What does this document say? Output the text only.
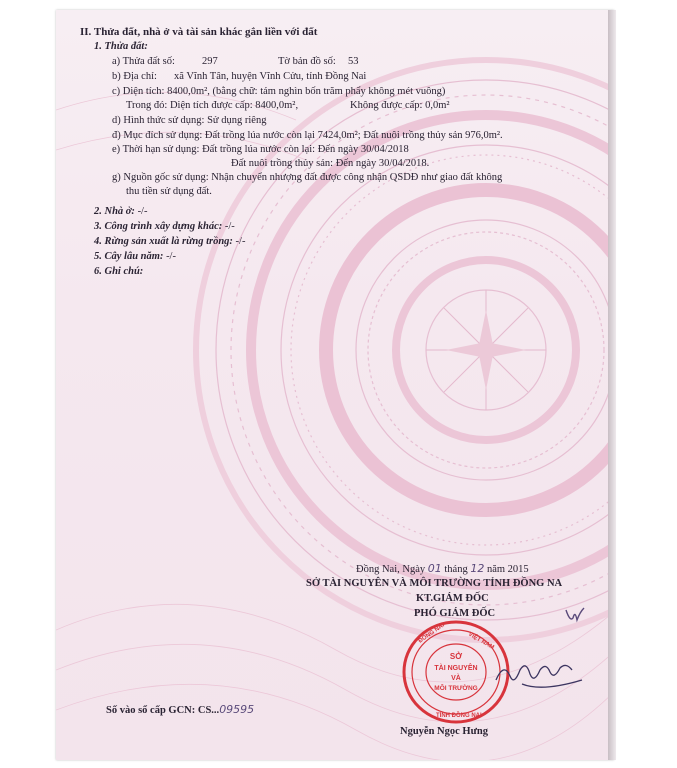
II. Thửa đất, nhà ở và tài sản khác gắn liền với đất
1. Thửa đất:
a) Thửa đất số:	297	Tờ bản đồ số: 53
b) Địa chỉ: xã Vĩnh Tân, huyện Vĩnh Cửu, tỉnh Đồng Nai
c) Diện tích: 8400,0m², (bằng chữ: tám nghìn bốn trăm phẩy không mét vuông)
Trong đó: Diện tích được cấp: 8400,0m²,	Không được cấp: 0,0m²
d) Hình thức sử dụng: Sử dụng riêng
đ) Mục đích sử dụng: Đất trồng lúa nước còn lại 7424,0m²; Đất nuôi trồng thủy sản 976,0m².
e) Thời hạn sử dụng: Đất trồng lúa nước còn lại: Đến ngày 30/04/2018
Đất nuôi trồng thủy sản: Đến ngày 30/04/2018.
g) Nguồn gốc sử dụng: Nhận chuyển nhượng đất được công nhận QSDĐ như giao đất không
thu tiền sử dụng đất.
2. Nhà ở: -/-
3. Công trình xây dựng khác: -/-
4. Rừng sản xuất là rừng trồng: -/-
5. Cây lâu năm: -/-
6. Ghi chú:
Đồng Nai, Ngày 01 tháng 12 năm 2015
SỞ TÀI NGUYÊN VÀ MÔI TRƯỜNG TỈNH ĐỒNG NA
KT.GIÁM ĐỐC
PHÓ GIÁM ĐỐC
ĐỒNG NAI	VIỆT NAM
TỈNH ĐỒNG NAI
SỞ
TÀI NGUYÊN
VÀ
MÔI TRƯỜNG
Nguyễn Ngọc Hưng
Số vào sổ cấp GCN: CS...09595
